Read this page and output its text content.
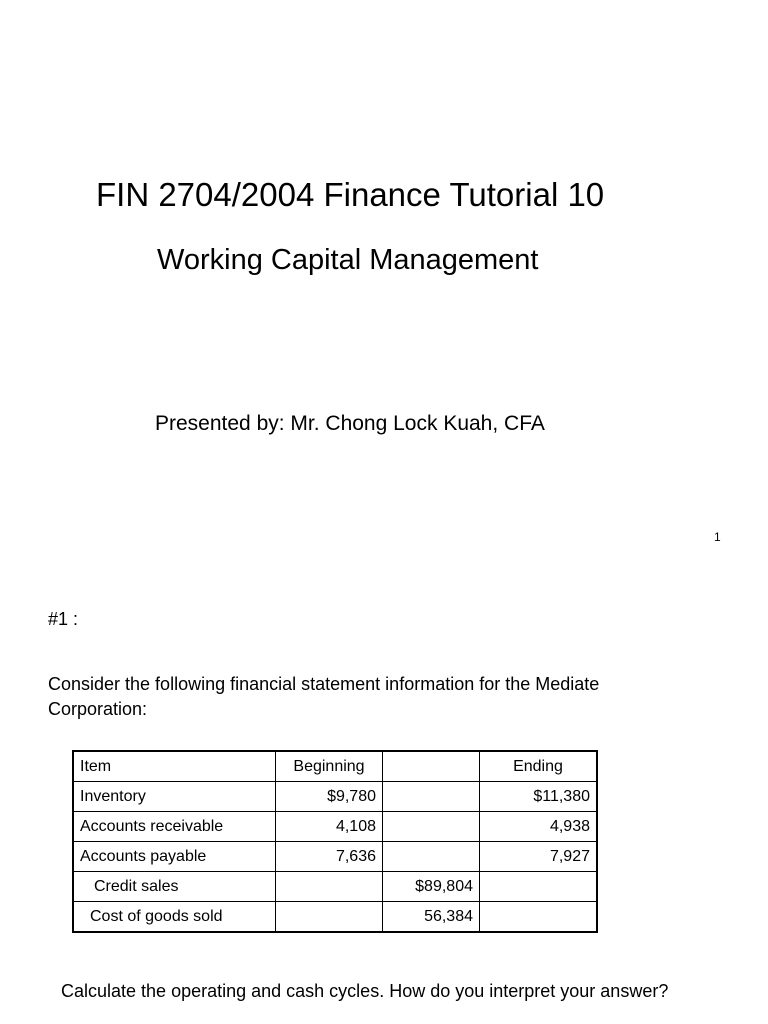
FIN 2704/2004 Finance Tutorial 10
Working Capital Management
Presented by: Mr. Chong Lock Kuah, CFA
1
#1 :
Consider the following financial statement information for the Mediate Corporation:
Item	Beginning		Ending
Inventory	$9,780		$11,380
Accounts receivable	4,108		4,938
Accounts payable	7,636		7,927
Credit sales		$89,804	
Cost of goods sold		56,384	
Calculate the operating and cash cycles. How do you interpret your answer?
